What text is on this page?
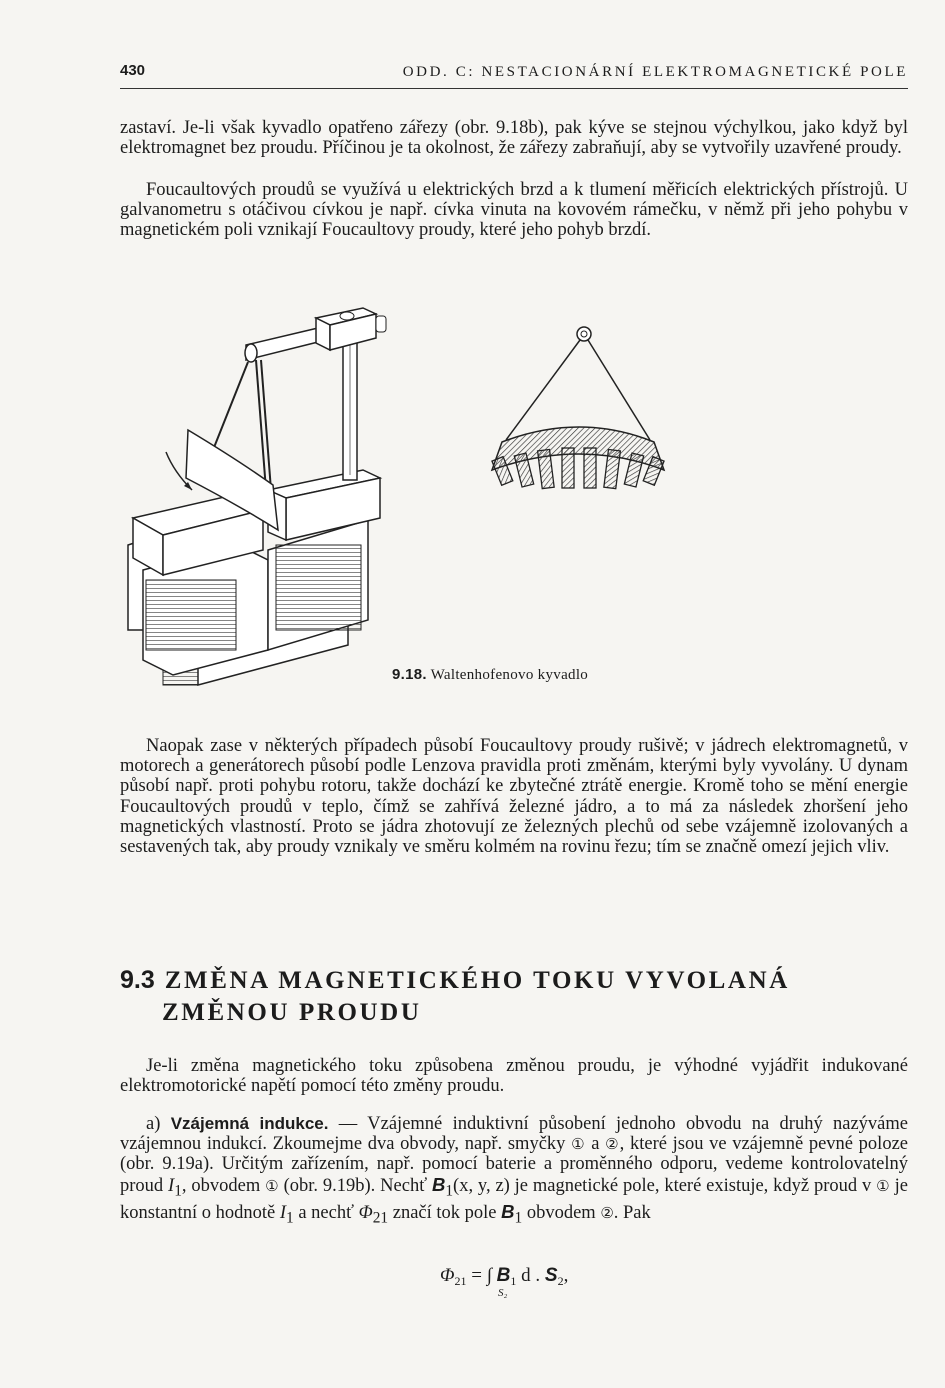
430	ODD. C: NESTACIONÁRNÍ ELEKTROMAGNETICKÉ POLE

zastaví. Je-li však kyvadlo opatřeno zářezy (obr. 9.18b), pak kýve se stejnou výchylkou, jako když byl elektromagnet bez proudu. Příčinou je ta okolnost, že zářezy zabraňují, aby se vytvořily uzavřené proudy.

Foucaultových proudů se využívá u elektrických brzd a k tlumení měřicích elektrických přístrojů. U galvanometru s otáčivou cívkou je např. cívka vinuta na kovovém rámečku, v němž při jeho pohybu v magnetickém poli vznikají Foucaultovy proudy, které jeho pohyb brzdí.

9.18. Waltenhofenovo kyvadlo

Naopak zase v některých případech působí Foucaultovy proudy rušivě; v jádrech elektromagnetů, v motorech a generátorech působí podle Lenzova pravidla proti změnám, kterými byly vyvolány. U dynam působí např. proti pohybu rotoru, takže dochází ke zbytečné ztrátě energie. Kromě toho se mění energie Foucaultových proudů v teplo, čímž se zahřívá železné jádro, a to má za následek zhoršení jeho magnetických vlastností. Proto se jádra zhotovují ze železných plechů od sebe vzájemně izolovaných a sestavených tak, aby proudy vznikaly ve směru kolmém na rovinu řezu; tím se značně omezí jejich vliv.

9.3 ZMĚNA MAGNETICKÉHO TOKU VYVOLANÁ
ZMĚNOU PROUDU

Je-li změna magnetického toku způsobena změnou proudu, je výhodné vyjádřit indukované elektromotorické napětí pomocí této změny proudu.

a) Vzájemná indukce. — Vzájemné induktivní působení jednoho obvodu na druhý nazýváme vzájemnou indukcí. Zkoumejme dva obvody, např. smyčky ① a ②, které jsou ve vzájemně pevné poloze (obr. 9.19a). Určitým zařízením, např. pomocí baterie a proměnného odporu, vedeme kontrolovatelný proud $I_1$, obvodem ① (obr. 9.19b). Nechť $B_1(x$, y, z) je magnetické pole, které existuje, když proud v ① je konstantní o hodnotě $I_1$ a nechť $\Phi_{21}$ značí tok pole $B_1$ obvodem ②. Pak

$\Phi_{21}$ = ∫ $B_1$ d . $S_2$,
S₂
